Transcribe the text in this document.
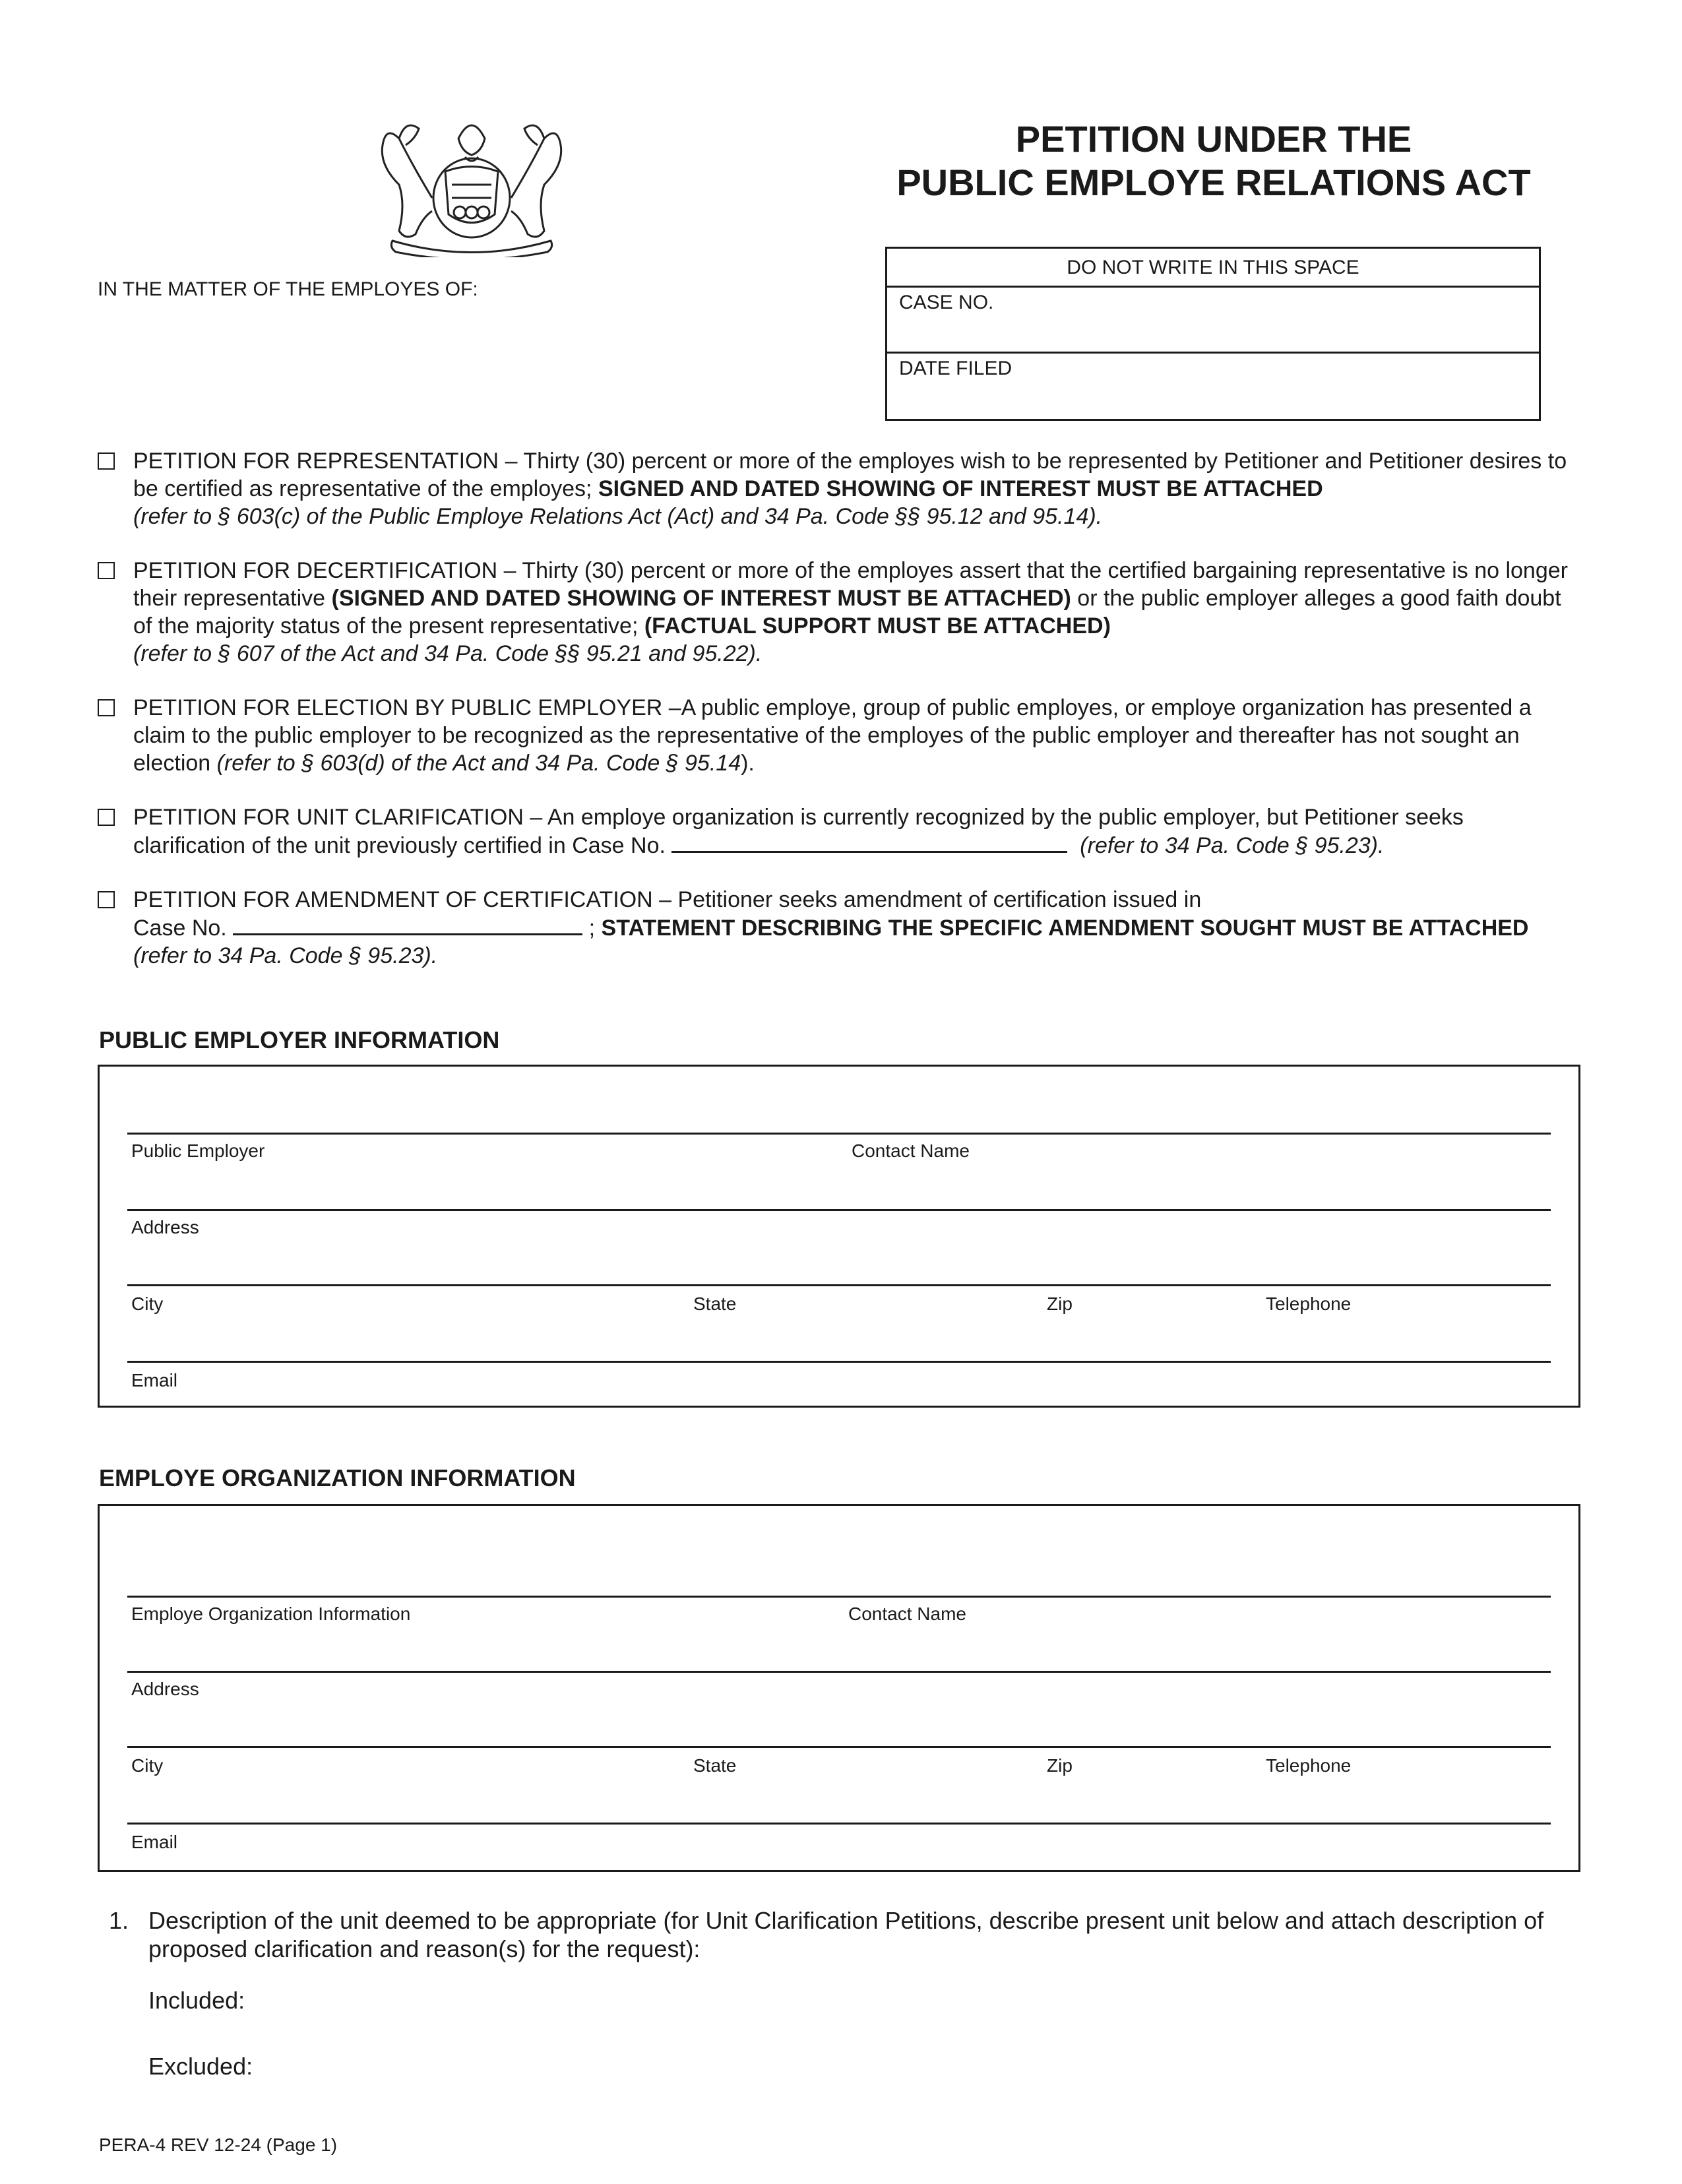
PETITION UNDER THE
PUBLIC EMPLOYE RELATIONS ACT
IN THE MATTER OF THE EMPLOYES OF:
DO NOT WRITE IN THIS SPACE
CASE NO.
DATE FILED
PETITION FOR REPRESENTATION – Thirty (30) percent or more of the employes wish to be represented by Petitioner and Petitioner desires to be certified as representative of the employes; SIGNED AND DATED SHOWING OF INTEREST MUST BE ATTACHED
(refer to § 603(c) of the Public Employe Relations Act (Act) and 34 Pa. Code §§ 95.12 and 95.14).
PETITION FOR DECERTIFICATION – Thirty (30) percent or more of the employes assert that the certified bargaining representative is no longer their representative (SIGNED AND DATED SHOWING OF INTEREST MUST BE ATTACHED) or the public employer alleges a good faith doubt of the majority status of the present representative; (FACTUAL SUPPORT MUST BE ATTACHED)
(refer to § 607 of the Act and 34 Pa. Code §§ 95.21 and 95.22).
PETITION FOR ELECTION BY PUBLIC EMPLOYER –A public employe, group of public employes, or employe organization has presented a claim to the public employer to be recognized as the representative of the employes of the public employer and thereafter has not sought an election (refer to § 603(d) of the Act and 34 Pa. Code § 95.14).
PETITION FOR UNIT CLARIFICATION – An employe organization is currently recognized by the public employer, but Petitioner seeks clarification of the unit previously certified in Case No.	(refer to 34 Pa. Code § 95.23).
PETITION FOR AMENDMENT OF CERTIFICATION – Petitioner seeks amendment of certification issued in
Case No.	; STATEMENT DESCRIBING THE SPECIFIC AMENDMENT SOUGHT MUST BE ATTACHED (refer to 34 Pa. Code § 95.23).
PUBLIC EMPLOYER INFORMATION
Public Employer	Contact Name
Address
City	State	Zip	Telephone
Email
EMPLOYE ORGANIZATION INFORMATION
Employe Organization Information	Contact Name
Address
City	State	Zip	Telephone
Email
1. Description of the unit deemed to be appropriate (for Unit Clarification Petitions, describe present unit below and attach description of proposed clarification and reason(s) for the request):
Included:
Excluded:
PERA-4 REV 12-24 (Page 1)
